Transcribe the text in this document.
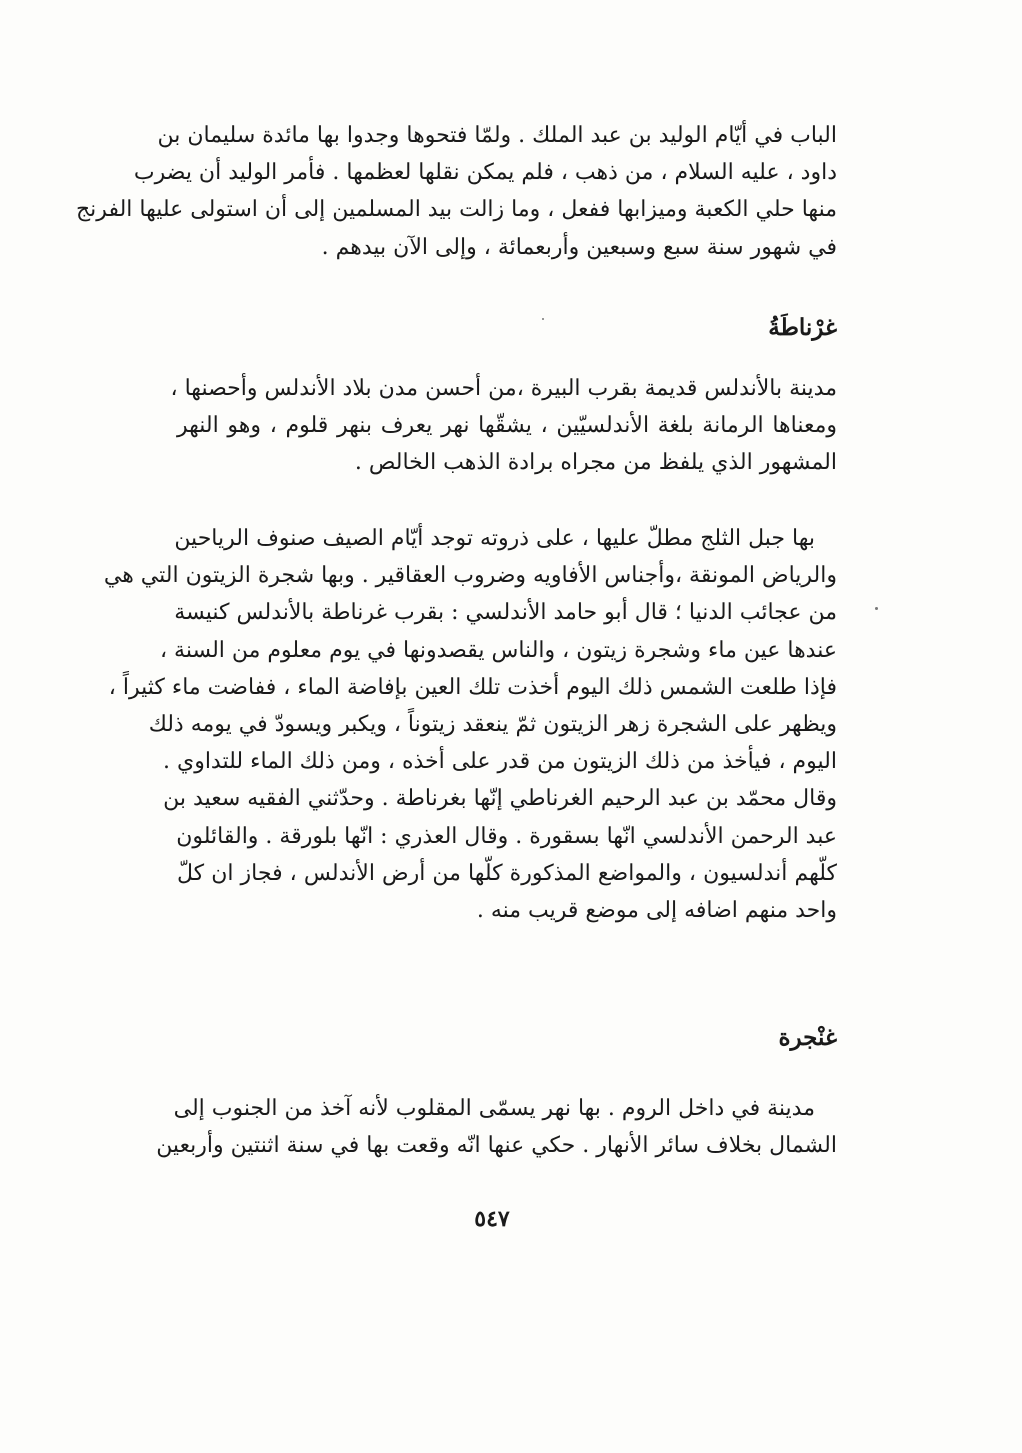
الباب في أيّام الوليد بن عبد الملك . ولمّا فتحوها وجدوا بها مائدة سليمان بن
داود ، عليه السلام ، من ذهب ، فلم يمكن نقلها لعظمها . فأمر الوليد أن يضرب
منها حلي الكعبة وميزابها ففعل ، وما زالت بيد المسلمين إلى أن استولى عليها الفرنج
في شهور سنة سبع وسبعين وأربعمائة ، وإلى الآن بيدهم .
غرْناطَةُ
مدينة بالأندلس قديمة بقرب البيرة ،من أحسن مدن بلاد الأندلس وأحصنها ،
ومعناها الرمانة بلغة الأندلسيّين ، يشقّها نهر يعرف بنهر قلوم ، وهو النهر
المشهور الذي يلفظ من مجراه برادة الذهب الخالص .
بها جبل الثلج مطلّ عليها ، على ذروته توجد أيّام الصيف صنوف الرياحين
والرياض المونقة ،وأجناس الأفاويه وضروب العقاقير . وبها شجرة الزيتون التي هي
من عجائب الدنيا ؛ قال أبو حامد الأندلسي : بقرب غرناطة بالأندلس كنيسة
عندها عين ماء وشجرة زيتون ، والناس يقصدونها في يوم معلوم من السنة ،
فإذا طلعت الشمس ذلك اليوم أخذت تلك العين بإفاضة الماء ، ففاضت ماء كثيراً ،
ويظهر على الشجرة زهر الزيتون ثمّ ينعقد زيتوناً ، ويكبر ويسودّ في يومه ذلك
اليوم ، فيأخذ من ذلك الزيتون من قدر على أخذه ، ومن ذلك الماء للتداوي .
وقال محمّد بن عبد الرحيم الغرناطي إنّها بغرناطة . وحدّثني الفقيه سعيد بن
عبد الرحمن الأندلسي انّها بسقورة . وقال العذري : انّها بلورقة . والقائلون
كلّهم أندلسيون ، والمواضع المذكورة كلّها من أرض الأندلس ، فجاز ان كلّ
واحد منهم اضافه إلى موضع قريب منه .
غنْجرة
مدينة في داخل الروم . بها نهر يسمّى المقلوب لأنه آخذ من الجنوب إلى
الشمال بخلاف سائر الأنهار . حكي عنها انّه وقعت بها في سنة اثنتين وأربعين
٥٤٧
